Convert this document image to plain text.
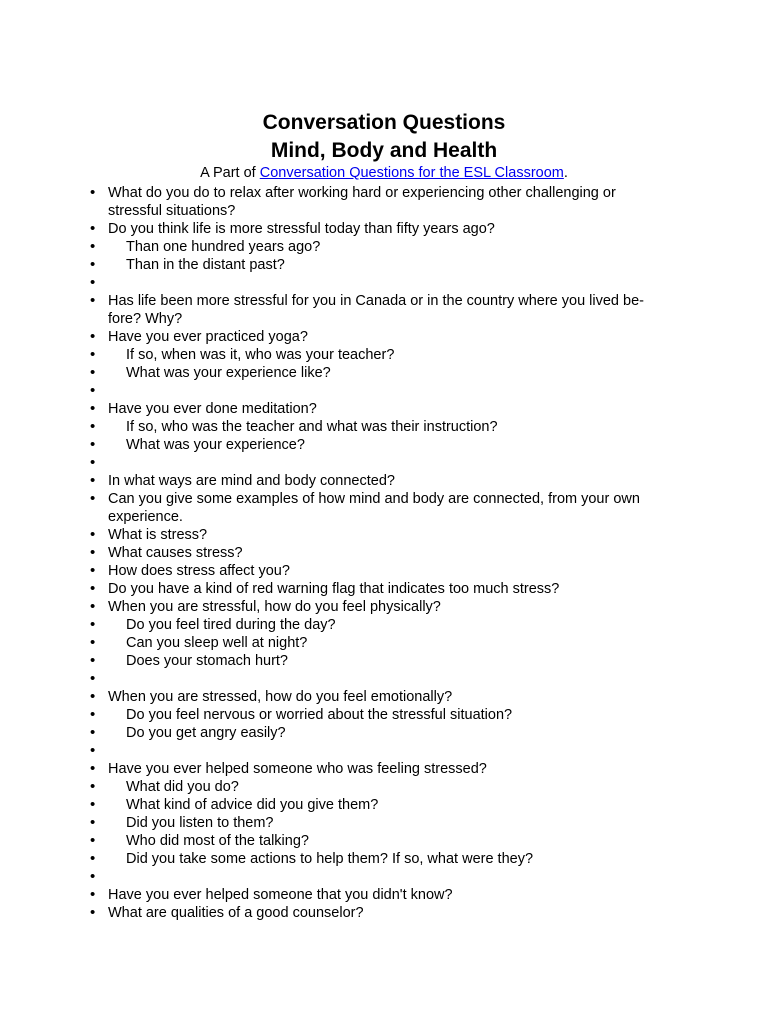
Conversation Questions
Mind, Body and Health

A Part of Conversation Questions for the ESL Classroom.

• What do you do to relax after working hard or experiencing other challenging or stressful situations?
• Do you think life is more stressful today than fifty years ago?
• Than one hundred years ago?
• Than in the distant past?
•
• Has life been more stressful for you in Canada or in the country where you lived be-fore? Why?
• Have you ever practiced yoga?
• If so, when was it, who was your teacher?
• What was your experience like?
•
• Have you ever done meditation?
• If so, who was the teacher and what was their instruction?
• What was your experience?
•
• In what ways are mind and body connected?
• Can you give some examples of how mind and body are connected, from your own experience.
• What is stress?
• What causes stress?
• How does stress affect you?
• Do you have a kind of red warning flag that indicates too much stress?
• When you are stressful, how do you feel physically?
• Do you feel tired during the day?
• Can you sleep well at night?
• Does your stomach hurt?
•
• When you are stressed, how do you feel emotionally?
• Do you feel nervous or worried about the stressful situation?
• Do you get angry easily?
•
• Have you ever helped someone who was feeling stressed?
• What did you do?
• What kind of advice did you give them?
• Did you listen to them?
• Who did most of the talking?
• Did you take some actions to help them? If so, what were they?
•
• Have you ever helped someone that you didn't know?
• What are qualities of a good counselor?
